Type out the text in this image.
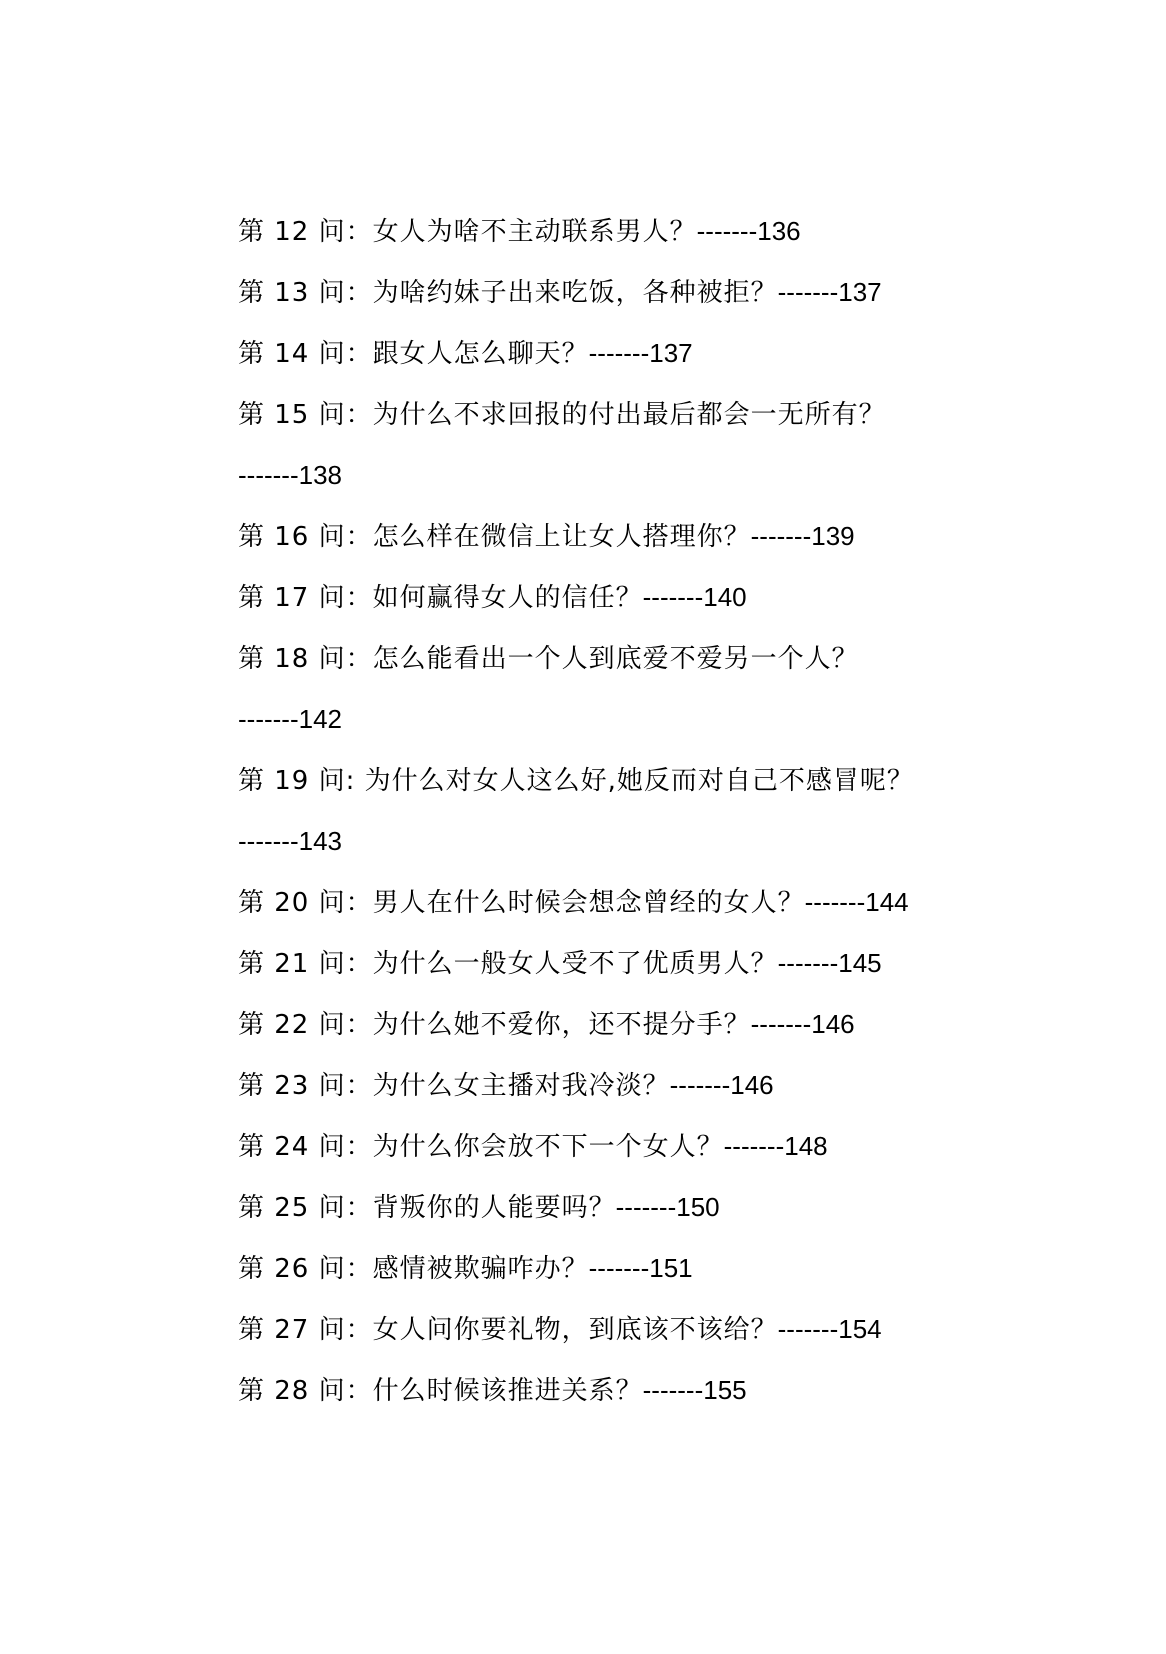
第 12 问：女人为啥不主动联系男人？-------136
第 13 问：为啥约妹子出来吃饭，各种被拒？-------137
第 14 问：跟女人怎么聊天？-------137
第 15 问：为什么不求回报的付出最后都会一无所有？
-------138
第 16 问：怎么样在微信上让女人搭理你？-------139
第 17 问：如何赢得女人的信任？-------140
第 18 问：怎么能看出一个人到底爱不爱另一个人？
-------142
第 19 问: 为什么对女人这么好,她反而对自己不感冒呢？
-------143
第 20 问：男人在什么时候会想念曾经的女人？-------144
第 21 问：为什么一般女人受不了优质男人？-------145
第 22 问：为什么她不爱你，还不提分手？-------146
第 23 问：为什么女主播对我冷淡？-------146
第 24 问：为什么你会放不下一个女人？-------148
第 25 问：背叛你的人能要吗？-------150
第 26 问：感情被欺骗咋办？-------151
第 27 问：女人问你要礼物，到底该不该给？-------154
第 28 问：什么时候该推进关系？-------155
